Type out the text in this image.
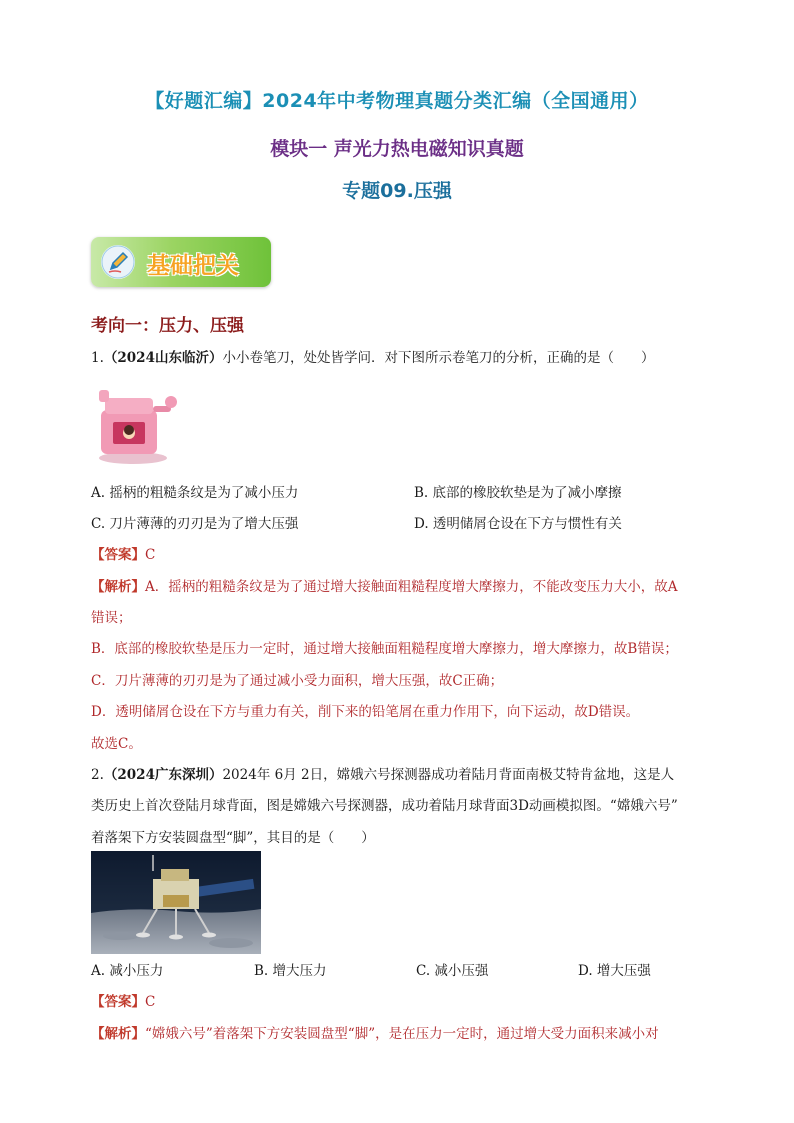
【好题汇编】2024年中考物理真题分类汇编（全国通用）
模块一 声光力热电磁知识真题
专题09.压强
基础把关
考向一：压力、压强
1.（2024山东临沂）小小卷笔刀，处处皆学问．对下图所示卷笔刀的分析，正确的是（　　）
A. 摇柄的粗糙条纹是为了减小压力	B. 底部的橡胶软垫是为了减小摩擦
C. 刀片薄薄的刃刃是为了增大压强	D. 透明储屑仓设在下方与惯性有关
【答案】C
【解析】A．摇柄的粗糙条纹是为了通过增大接触面粗糙程度增大摩擦力，不能改变压力大小，故A
错误；
B．底部的橡胶软垫是压力一定时，通过增大接触面粗糙程度增大摩擦力，增大摩擦力，故B错误；
C．刀片薄薄的刃刃是为了通过减小受力面积，增大压强，故C正确；
D．透明储屑仓设在下方与重力有关，削下来的铅笔屑在重力作用下，向下运动，故D错误。
故选C。
2.（2024广东深圳）2024年 6月 2日，嫦娥六号探测器成功着陆月背面南极艾特肯盆地，这是人
类历史上首次登陆月球背面，图是嫦娥六号探测器，成功着陆月球背面3D动画模拟图。“嫦娥六号”
着落架下方安装圆盘型“脚”，其目的是（　　）
A. 减小压力	B. 增大压力	C. 减小压强	D. 增大压强
【答案】C
【解析】“嫦娥六号”着落架下方安装圆盘型“脚”，是在压力一定时，通过增大受力面积来减小对
